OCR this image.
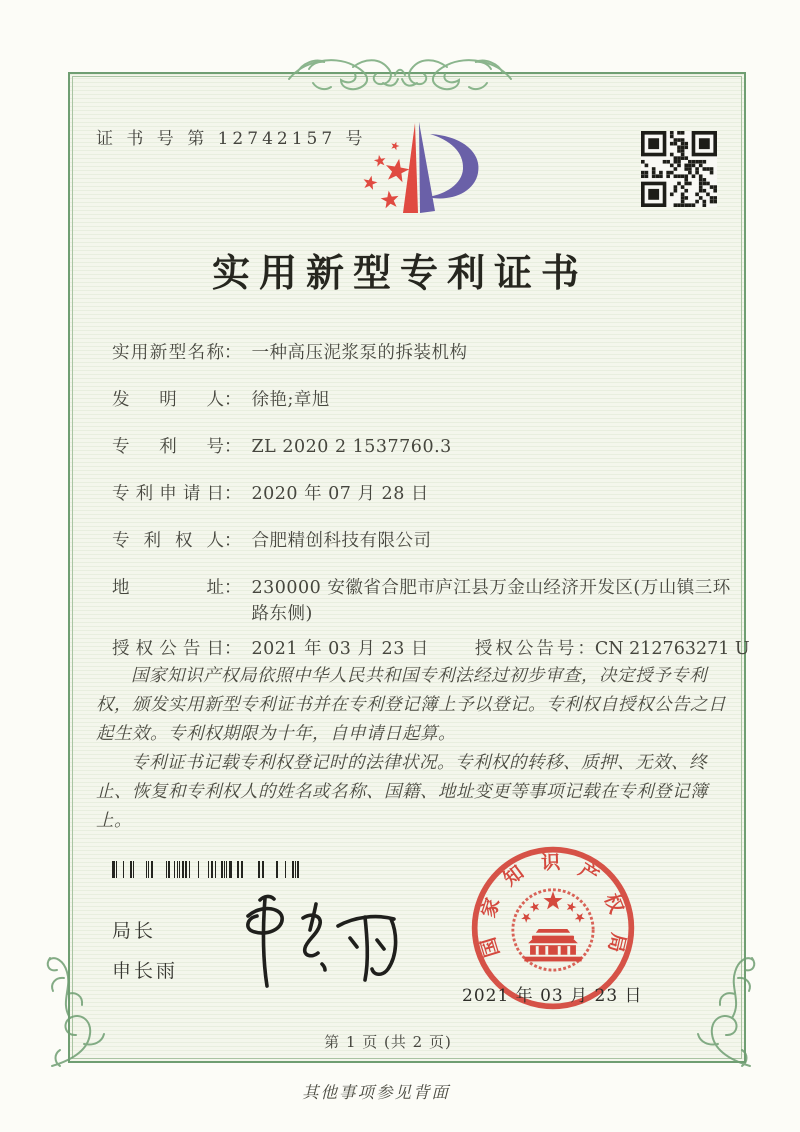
证 书 号 第 12742157 号
实用新型专利证书
实用新型名称 ： 一种高压泥浆泵的拆装机构
发明人 ： 徐艳;章旭
专利号 ： ZL 2020 2 1537760.3
专利申请日 ： 2020 年 07 月 28 日
专利权人 ： 合肥精创科技有限公司
地址 ： 230000 安徽省合肥市庐江县万金山经济开发区(万山镇三环路东侧)
授权公告日 ： 2021 年 03 月 23 日	授权公告号：CN 212763271 U

国家知识产权局依照中华人民共和国专利法经过初步审查，决定授予专利权，颁发实用新型专利证书并在专利登记簿上予以登记。专利权自授权公告之日起生效。专利权期限为十年，自申请日起算。

专利证书记载专利权登记时的法律状况。专利权的转移、质押、无效、终止、恢复和专利权人的姓名或名称、国籍、地址变更等事项记载在专利登记簿上。

局长
申长雨
国
家
知 识 产
权
局
2021 年 03 月 23 日
第 1 页 (共 2 页)
其他事项参见背面
